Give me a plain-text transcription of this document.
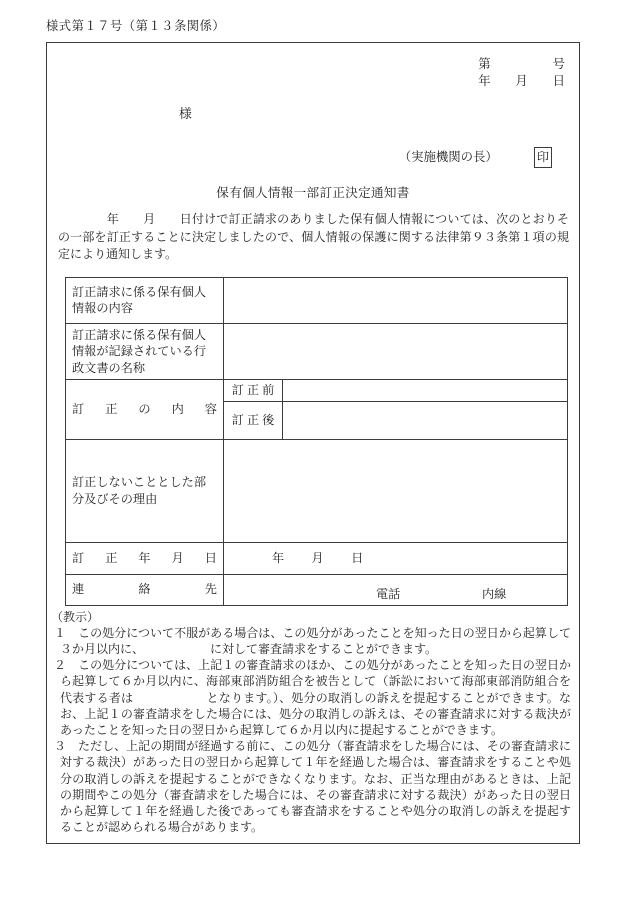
様式第１７号（第１３条関係）
第　　　　　号
年　　月　　日
様
（実施機関の長）	印
保有個人情報一部訂正決定通知書

　　　　年　　月　　日付けで訂正請求のありました保有個人情報については、次のとおりその一部を訂正することに決定しましたので、個人情報の保護に関する法律第９３条第１項の規定により通知します。

訂正請求に係る保有個人情報の内容		
訂正請求に係る保有個人情報が記録されている行政文書の名称		
訂　正　の　内　容	訂 正 前	
	訂 正 後	
訂正しないこととした部分及びその理由		
訂　正　年　月　日	年　　月　　日	
連　　　絡　　　先	電話 内線	
（教示）
１　この処分について不服がある場合は、この処分があったことを知った日の翌日から起算して３か月以内に、　　　　　　に対して審査請求をすることができます。
２　この処分については、上記１の審査請求のほか、この処分があったことを知った日の翌日から起算して６か月以内に、海部東部消防組合を被告として（訴訟において海部東部消防組合を代表する者は　　　　　　となります。）、処分の取消しの訴えを提起することができます。なお、上記１の審査請求をした場合には、処分の取消しの訴えは、その審査請求に対する裁決があったことを知った日の翌日から起算して６か月以内に提起することができます。
３　ただし、上記の期間が経過する前に、この処分（審査請求をした場合には、その審査請求に対する裁決）があった日の翌日から起算して１年を経過した場合は、審査請求をすることや処分の取消しの訴えを提起することができなくなります。なお、正当な理由があるときは、上記の期間やこの処分（審査請求をした場合には、その審査請求に対する裁決）があった日の翌日から起算して１年を経過した後であっても審査請求をすることや処分の取消しの訴えを提起することが認められる場合があります。
